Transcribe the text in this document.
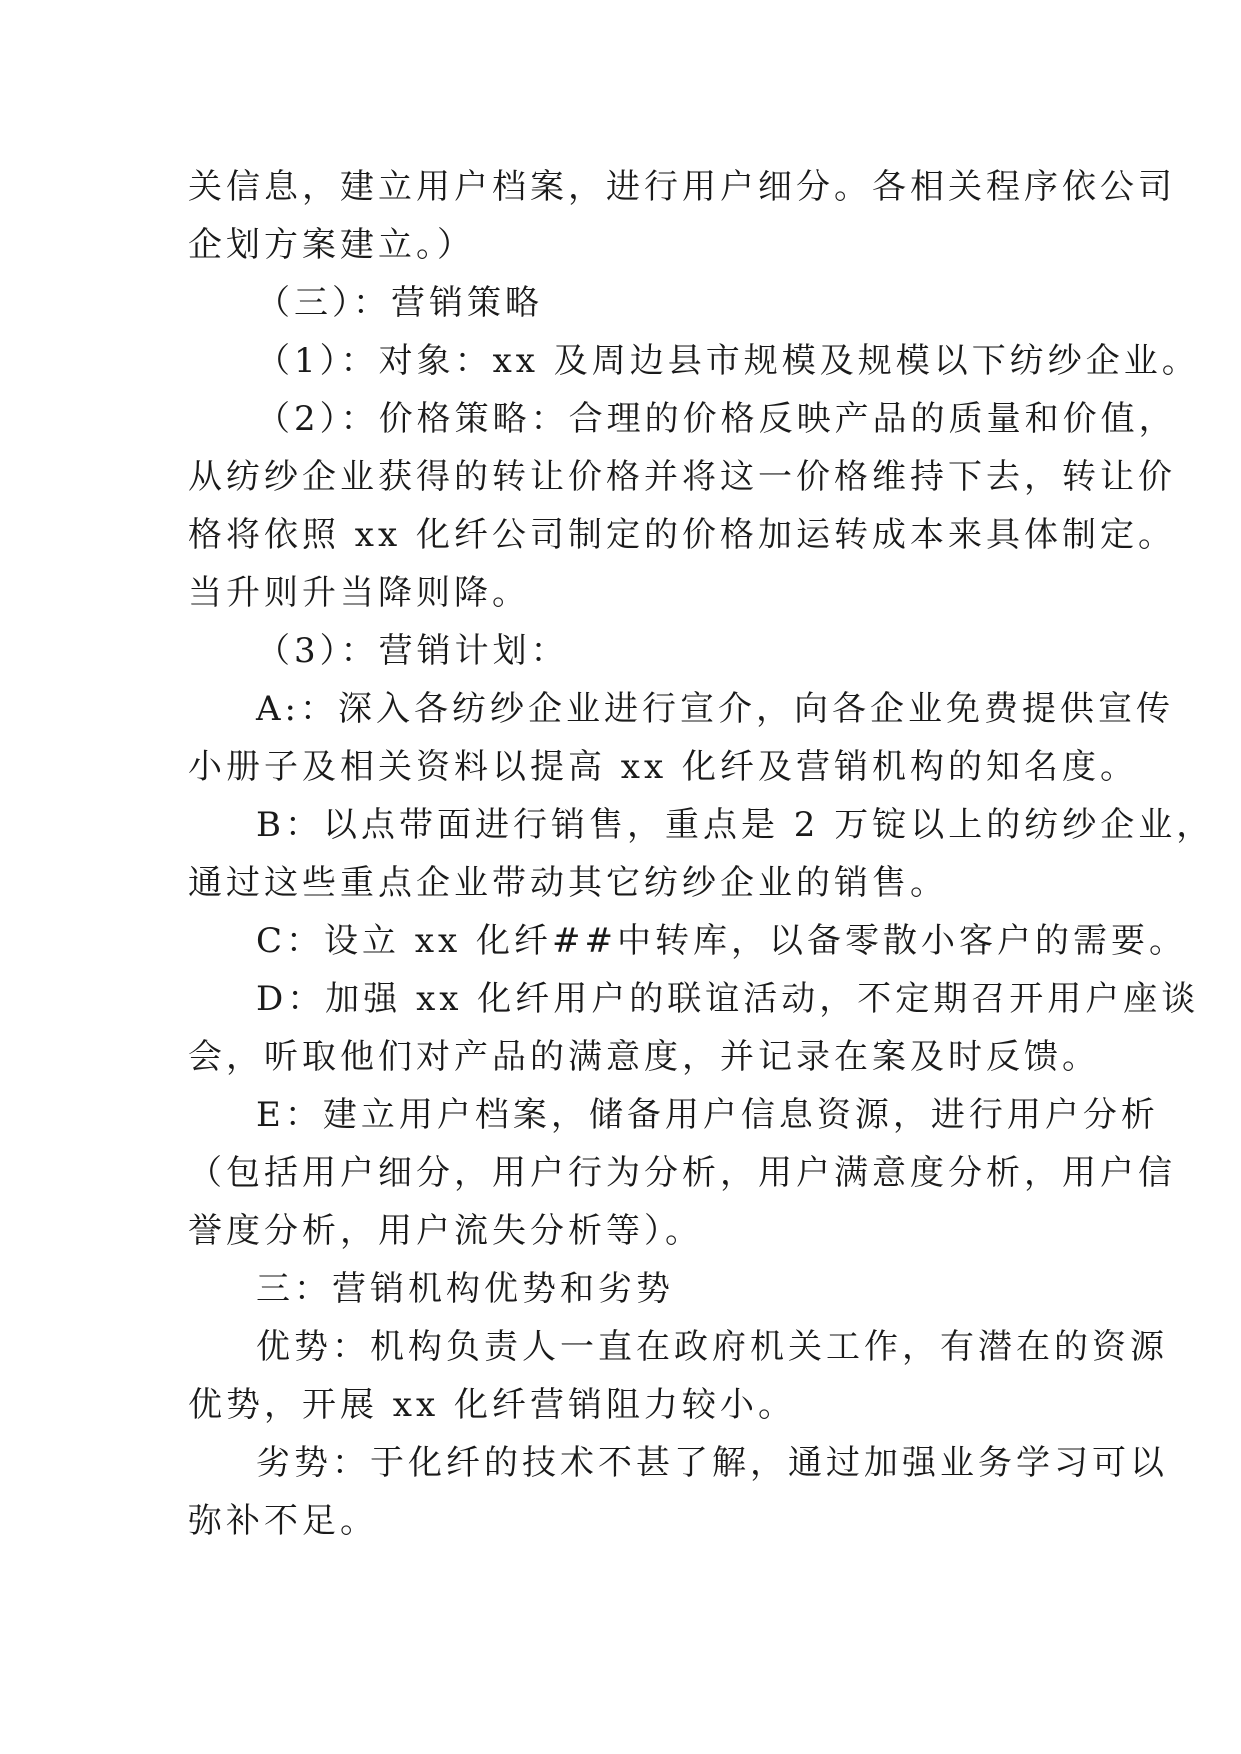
关信息，建立用户档案，进行用户细分。各相关程序依公司
企划方案建立。）
（三）：营销策略
（1）：对象：xx 及周边县市规模及规模以下纺纱企业。
（2）：价格策略：合理的价格反映产品的质量和价值，
从纺纱企业获得的转让价格并将这一价格维持下去，转让价
格将依照 xx 化纤公司制定的价格加运转成本来具体制定。
当升则升当降则降。
（3）：营销计划：
A:：深入各纺纱企业进行宣介，向各企业免费提供宣传
小册子及相关资料以提高 xx 化纤及营销机构的知名度。
B：以点带面进行销售，重点是 2 万锭以上的纺纱企业，
通过这些重点企业带动其它纺纱企业的销售。
C：设立 xx 化纤##中转库，以备零散小客户的需要。
D：加强 xx 化纤用户的联谊活动，不定期召开用户座谈
会，听取他们对产品的满意度，并记录在案及时反馈。
E：建立用户档案，储备用户信息资源，进行用户分析
（包括用户细分，用户行为分析，用户满意度分析，用户信
誉度分析，用户流失分析等）。
三：营销机构优势和劣势
优势：机构负责人一直在政府机关工作，有潜在的资源
优势，开展 xx 化纤营销阻力较小。
劣势：于化纤的技术不甚了解，通过加强业务学习可以
弥补不足。
